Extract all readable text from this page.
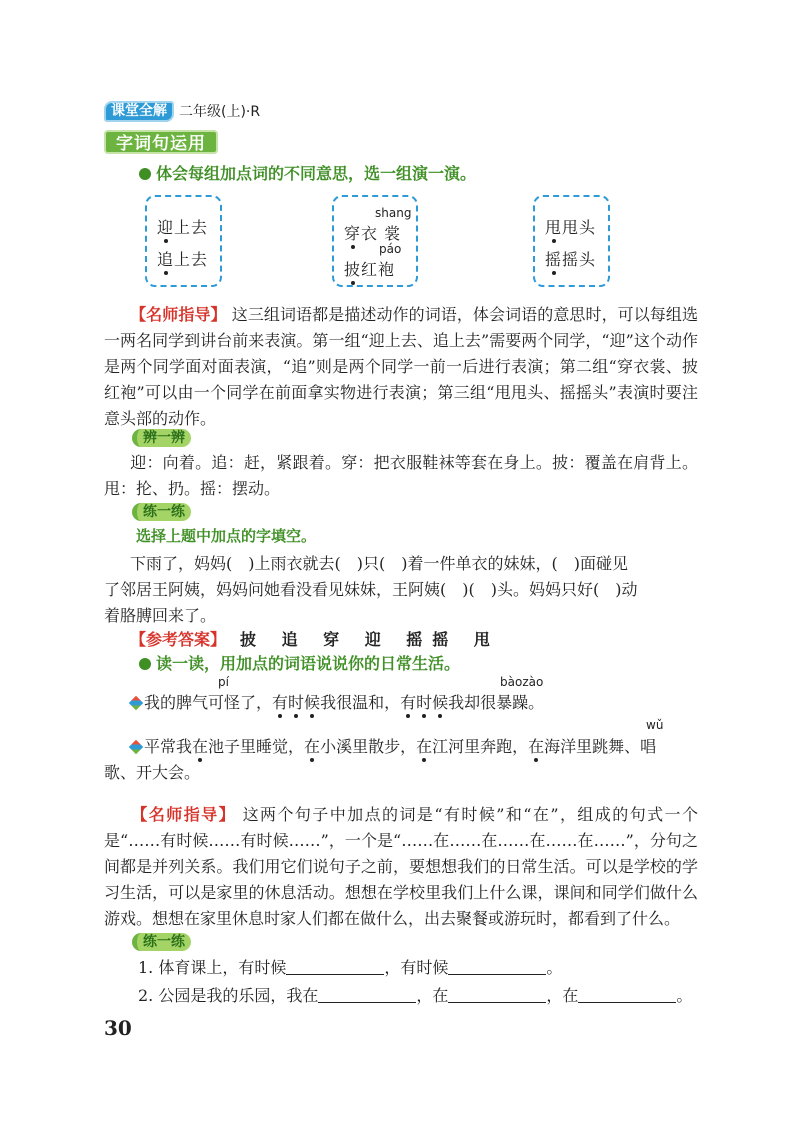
课堂全解 二年级(上)·R
字词句运用
体会每组加点词的不同意思，选一组演一演。
迎上去
追上去
shang
穿衣 裳
páo
披红袍
甩甩头
摇摇头
【名师指导】 这三组词语都是描述动作的词语，体会词语的意思时，可以每组选一两名同学到讲台前来表演。第一组“迎上去、追上去”需要两个同学，“迎”这个动作是两个同学面对面表演，“追”则是两个同学一前一后进行表演；第二组“穿衣裳、披红袍”可以由一个同学在前面拿实物进行表演；第三组“甩甩头、摇摇头”表演时要注意头部的动作。
辨一辨
迎：向着。追：赶，紧跟着。穿：把衣服鞋袜等套在身上。披：覆盖在肩背上。甩：抡、扔。摇：摆动。
练一练
选择上题中加点的字填空。
下雨了，妈妈(　)上雨衣就去(　)只(　)着一件单衣的妹妹，(　)面碰见
了邻居王阿姨，妈妈问她看没看见妹妹，王阿姨(　)(　)头。妈妈只好(　)动
着胳膊回来了。
【参考答案】 披 追 穿 迎 摇摇 甩
读一读，用加点的词语说说你的日常生活。
pí	bàozào
我的脾气可怪了，有时候我很温和，有时候我却很暴躁。
wǔ
平常我在池子里睡觉，在小溪里散步，在江河里奔跑，在海洋里跳舞、唱
歌、开大会。
【名师指导】 这两个句子中加点的词是“有时候”和“在”，组成的句式一个是“……有时候……有时候……”，一个是“……在……在……在……在……”，分句之间都是并列关系。我们用它们说句子之前，要想想我们的日常生活。可以是学校的学习生活，可以是家里的休息活动。想想在学校里我们上什么课，课间和同学们做什么游戏。想想在家里休息时家人们都在做什么，出去聚餐或游玩时，都看到了什么。
练一练
1. 体育课上，有时候	，有时候	。
2. 公园是我的乐园，我在	，在	，在	。
30
